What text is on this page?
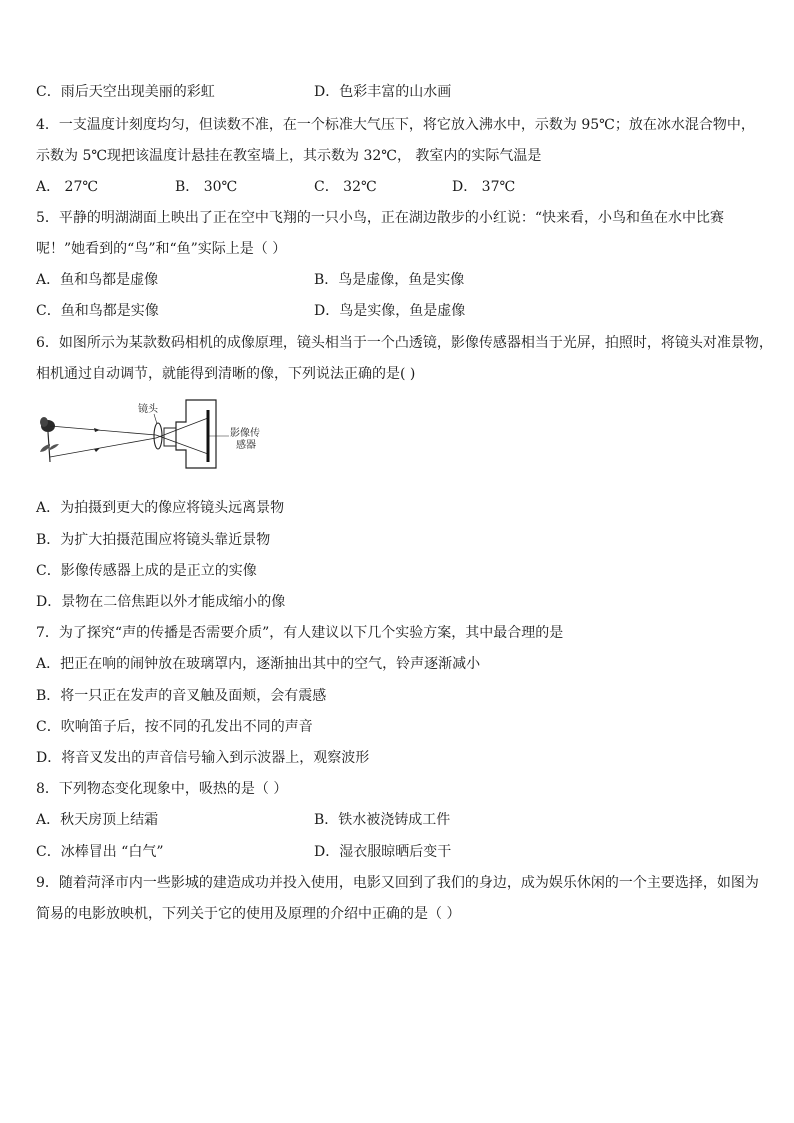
C．雨后天空出现美丽的彩虹	D．色彩丰富的山水画
4．一支温度计刻度均匀，但读数不准，在一个标准大气压下，将它放入沸水中，示数为 95℃；放在冰水混合物中，
示数为 5℃现把该温度计悬挂在教室墙上，其示数为 32℃， 教室内的实际气温是
A． 27℃	B． 30℃	C． 32℃	D． 37℃
5．平静的明湖湖面上映出了正在空中飞翔的一只小鸟，正在湖边散步的小红说：“快来看，小鸟和鱼在水中比赛
呢！”她看到的“鸟”和“鱼”实际上是（ ）
A．鱼和鸟都是虚像	B．鸟是虚像，鱼是实像
C．鱼和鸟都是实像	D．鸟是实像，鱼是虚像
6．如图所示为某款数码相机的成像原理，镜头相当于一个凸透镜，影像传感器相当于光屏，拍照时，将镜头对准景物，
相机通过自动调节，就能得到清晰的像，下列说法正确的是( )
镜头
影像传
感器
A．为拍摄到更大的像应将镜头远离景物
B．为扩大拍摄范围应将镜头靠近景物
C．影像传感器上成的是正立的实像
D．景物在二倍焦距以外才能成缩小的像
7．为了探究“声的传播是否需要介质”，有人建议以下几个实验方案，其中最合理的是
A．把正在响的闹钟放在玻璃罩内，逐渐抽出其中的空气，铃声逐渐减小
B．将一只正在发声的音叉触及面颊，会有震感
C．吹响笛子后，按不同的孔发出不同的声音
D．将音叉发出的声音信号输入到示波器上，观察波形
8．下列物态变化现象中，吸热的是（ ）
A．秋天房顶上结霜	B．铁水被浇铸成工件
C．冰棒冒出 “白气”	D．湿衣服晾晒后变干
9．随着菏泽市内一些影城的建造成功并投入使用，电影又回到了我们的身边，成为娱乐休闲的一个主要选择，如图为
简易的电影放映机，下列关于它的使用及原理的介绍中正确的是（ ）
